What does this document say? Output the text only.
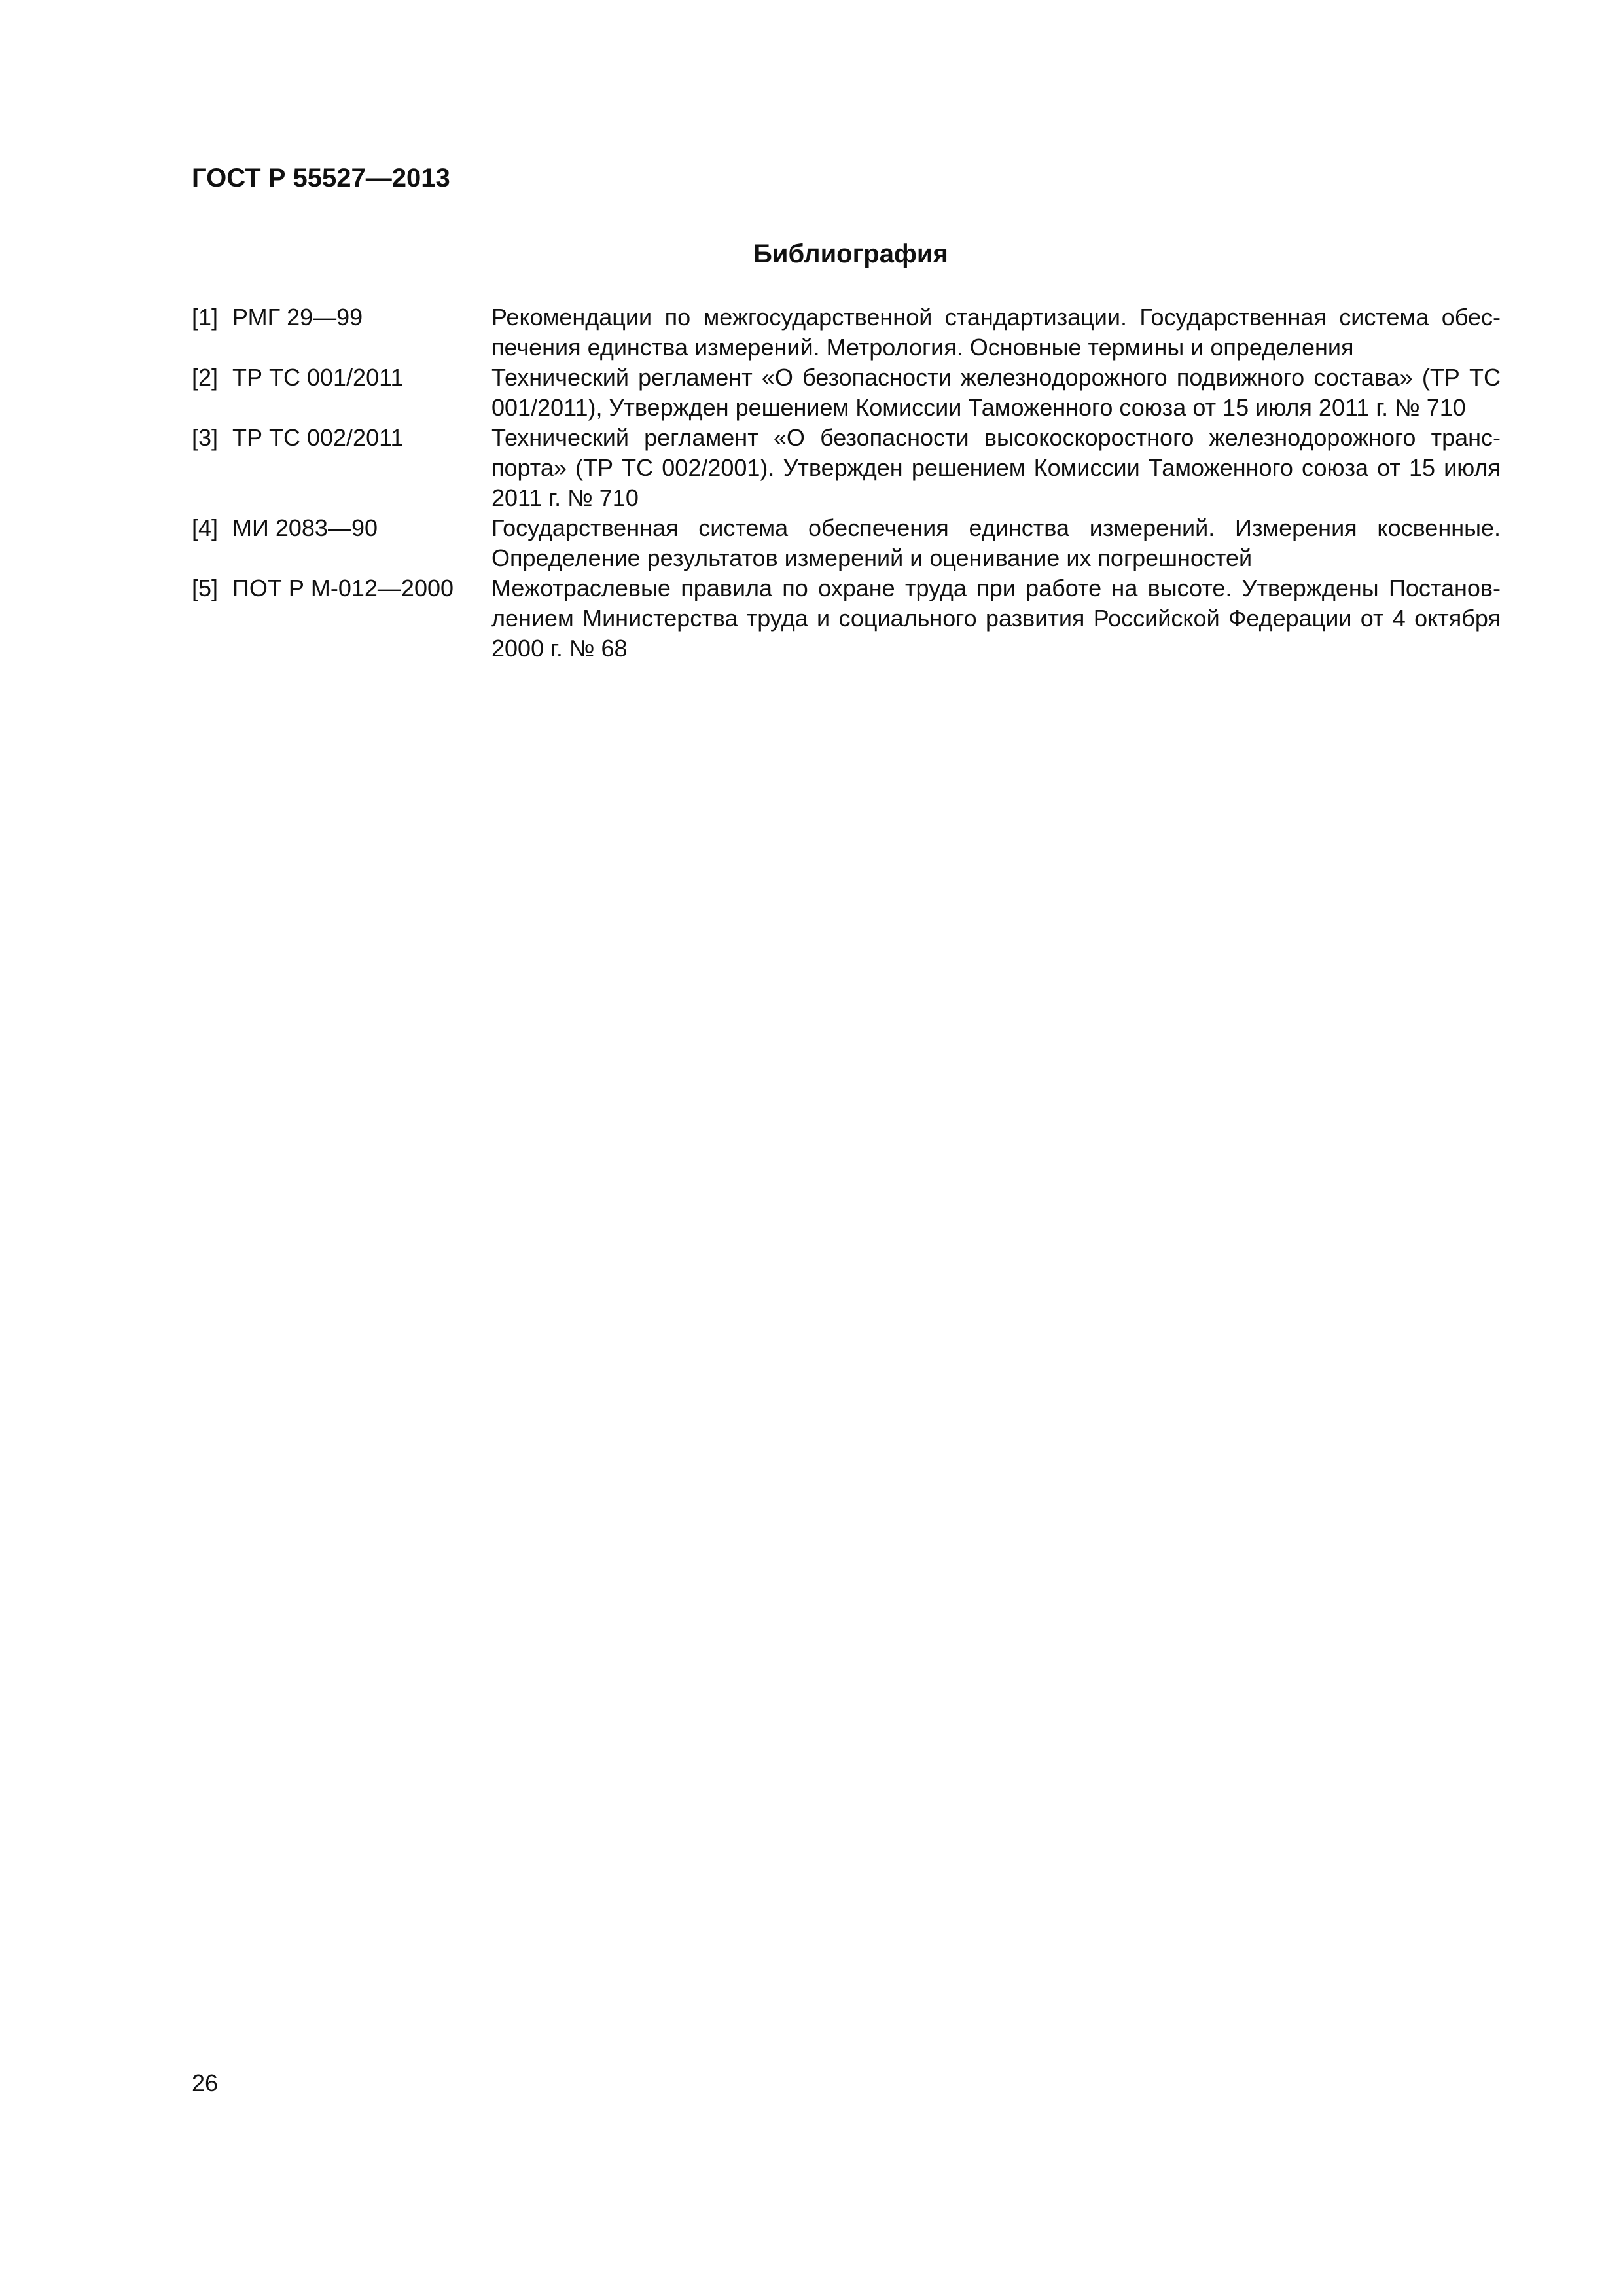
ГОСТ Р 55527—2013

Библиография
[1] РМГ 29—99	Рекомендации по межгосударственной стандартизации. Государственная система обеспечения единства измерений. Метрология. Основные термины и определения
[2] ТР ТС 001/2011	Технический регламент «О безопасности железнодорожного подвижного состава» (ТР ТС 001/2011), Утвержден решением Комиссии Таможенного союза от 15 июля 2011 г. № 710
[3] ТР ТС 002/2011	Технический регламент «О безопасности высокоскоростного железнодорожного транспорта» (ТР ТС 002/2001). Утвержден решением Комиссии Таможенного союза от 15 июля 2011 г. № 710
[4] МИ 2083—90	Государственная система обеспечения единства измерений. Измерения косвенные. Определение результатов измерений и оценивание их погрешностей
[5] ПОТ Р М-012—2000	Межотраслевые правила по охране труда при работе на высоте. Утверждены Постановлением Министерства труда и социального развития Российской Федерации от 4 октября 2000 г. № 68

26
